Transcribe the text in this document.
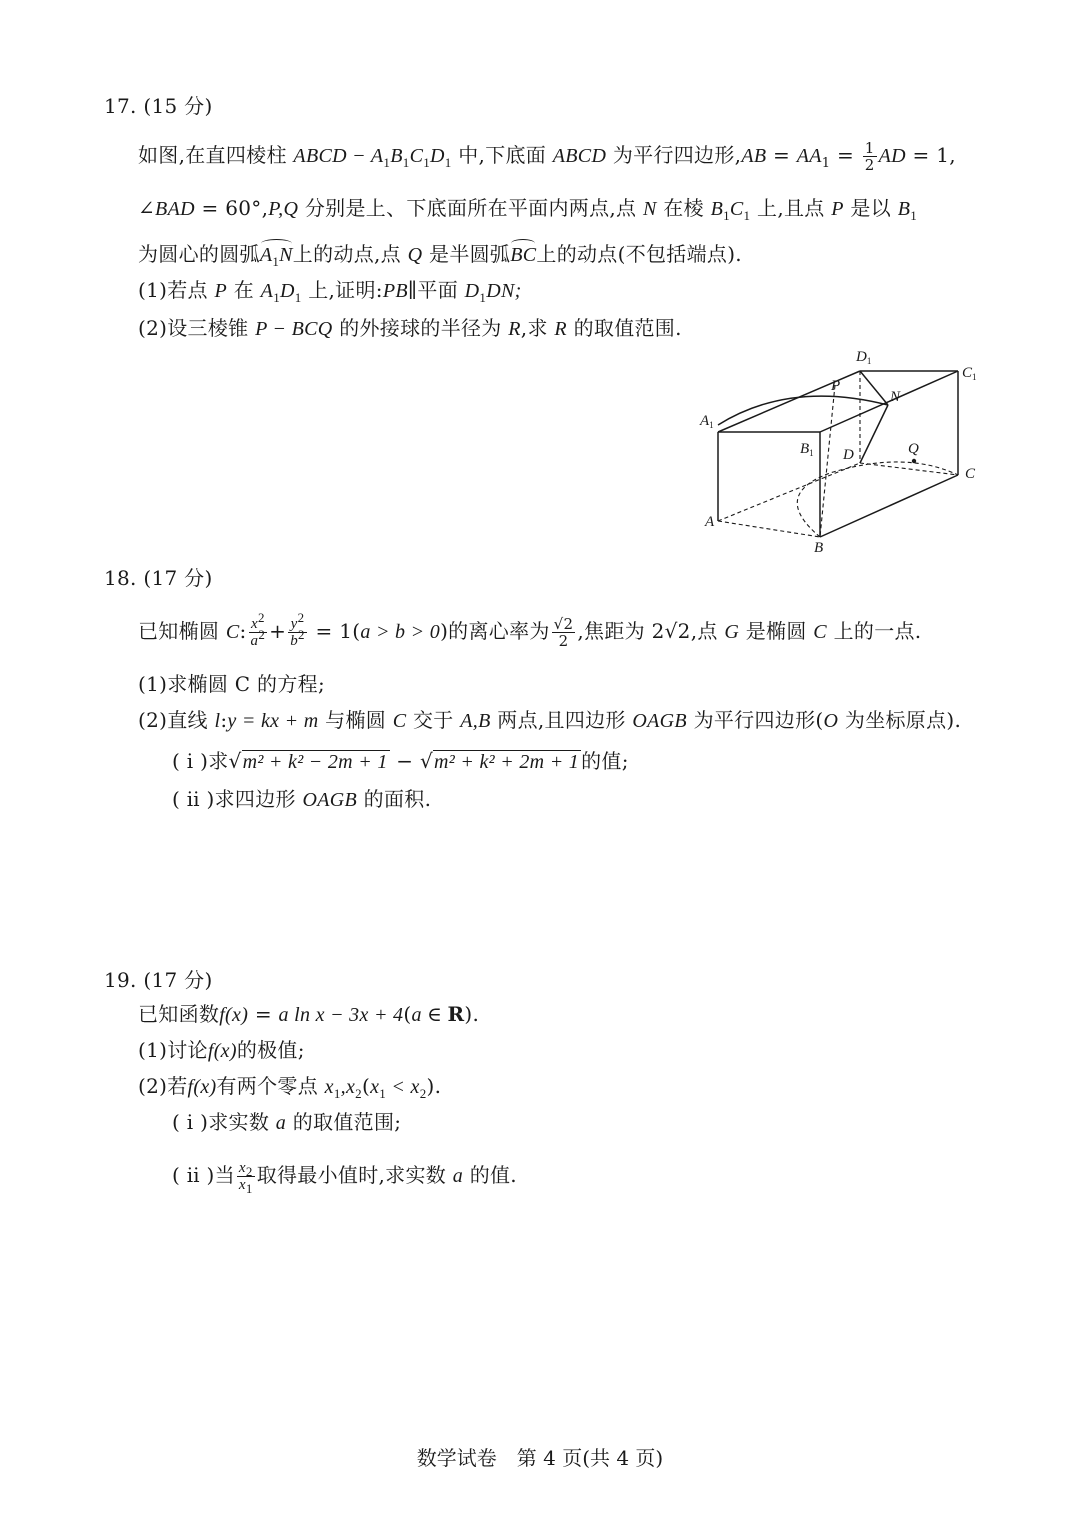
17. (15 分)
如图,在直四棱柱 ABCD − $A_1B_1C_1D_1$ 中,下底面 ABCD 为平行四边形$,AB = AA_1 = \frac{1}{2}$ AD = 1,
∠BAD = 60°,P,Q 分别是上、下底面所在平面内两点,点 N 在棱 $B_1C_1$ 上,且点 P 是以 $B_1$
为圆心的圆弧$A_1N$上的动点,点 Q 是半圆弧BC上的动点(不包括端点).
(1)若点 P 在 $A_1D_1$ 上,证明:PB∥平面 $D_1DN$;
(2)设三棱锥 P − BCQ 的外接球的半径为 R,求 R 的取值范围.
$D_1$
$C_1$
$A_1$
$B_1$
P
N
D	Q
C
A
B
18. (17 分)
已知椭圆 C: $\frac{x^2}{a^2} + \frac{y^2}{b^2} = 1(a > b > 0)$的离心率为 $\frac{√2}{2}$ ,焦距为 2√2,点 G 是椭圆 C 上的一点.
(1)求椭圆 C 的方程;
(2)直线 l:y = kx + m 与椭圆 C 交于 A,B 两点,且四边形 OAGB 为平行四边形(O 为坐标原点).
( ⅰ )求√m² + k² − 2m + 1 − √m² + k² + 2m + 1 的值;
( ⅱ )求四边形 OAGB 的面积.
19. (17 分)
已知函数f(x) = a ln x − 3x + 4(a ∈ R).
(1)讨论f(x)的极值;
(2)若f(x)有两个零点 $x_1,x_2(x_1 < x_2)$.
( ⅰ )求实数 a 的取值范围;
( ⅱ )当 $\frac{x_2}{x_1}$ 取得最小值时,求实数 a 的值.
数学试卷　第 4 页(共 4 页)
